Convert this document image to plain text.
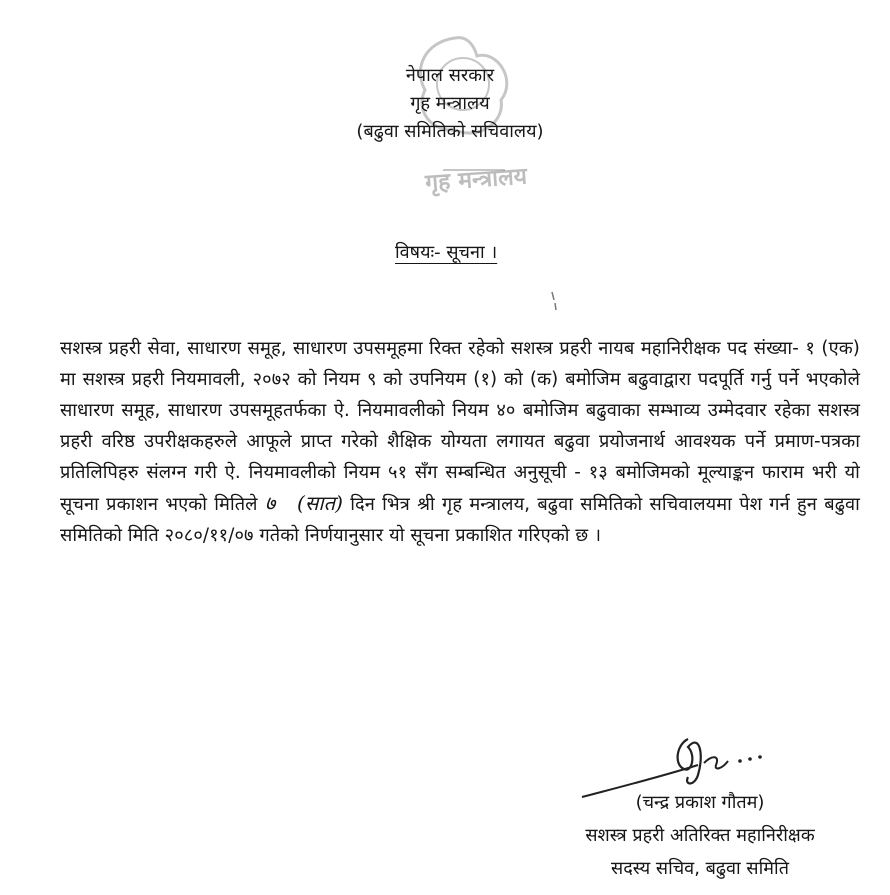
गृह मन्त्रालय
नेपाल सरकार
गृह मन्त्रालय
(बढुवा समितिको सचिवालय)
विषयः- सूचना ।
सशस्त्र प्रहरी सेवा, साधारण समूह, साधारण उपसमूहमा रिक्त रहेको सशस्त्र प्रहरी नायब महानिरीक्षक पद संख्या- १ (एक) मा सशस्त्र प्रहरी नियमावली, २०७२ को नियम ९ को उपनियम (१) को (क) बमोजिम बढुवाद्वारा पदपूर्ति गर्नु पर्ने भएकोले साधारण समूह, साधारण उपसमूहतर्फका ऐ. नियमावलीको नियम ४० बमोजिम बढुवाका सम्भाव्य उम्मेदवार रहेका सशस्त्र प्रहरी वरिष्ठ उपरीक्षकहरुले आफूले प्राप्त गरेको शैक्षिक योग्यता लगायत बढुवा प्रयोजनार्थ आवश्यक पर्ने प्रमाण-पत्रका प्रतिलिपिहरु संलग्न गरी ऐ. नियमावलीको नियम ५१ सँग सम्बन्धित अनुसूची - १३ बमोजिमको मूल्याङ्कन फाराम भरी यो सूचना प्रकाशन भएको मितिले ७ (सात) दिन भित्र श्री गृह मन्त्रालय, बढुवा समितिको सचिवालयमा पेश गर्न हुन बढुवा समितिको मिति २०८०/११/०७ गतेको निर्णयानुसार यो सूचना प्रकाशित गरिएको छ ।
(चन्द्र प्रकाश गौतम)
सशस्त्र प्रहरी अतिरिक्त महानिरीक्षक
सदस्य सचिव, बढुवा समिति
